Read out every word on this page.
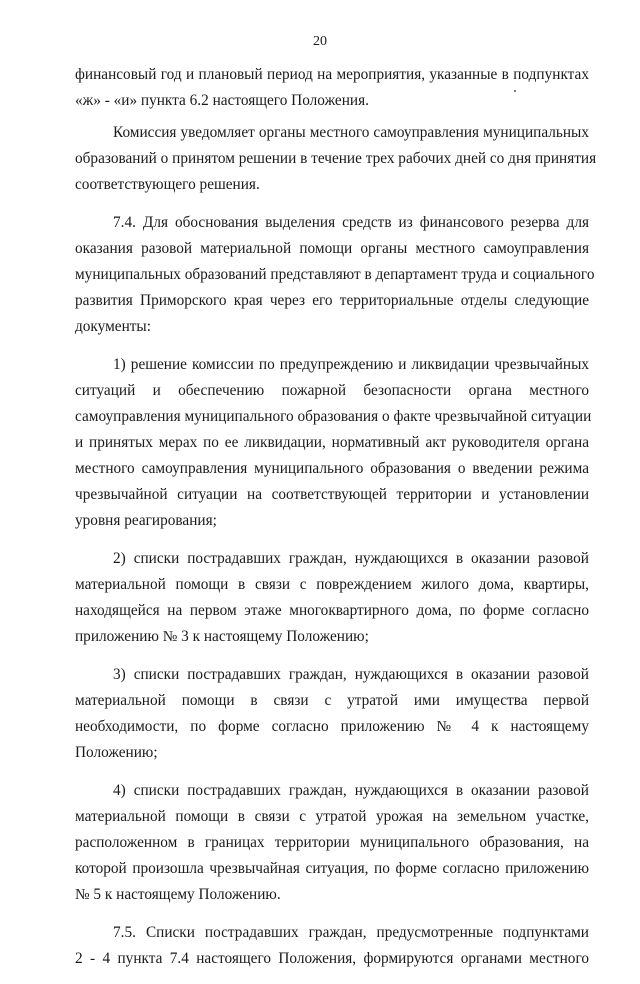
20

финансовый год и плановый период на мероприятия, указанные в подпунктах
«ж» - «и» пункта 6.2 настоящего Положения.

Комиссия уведомляет органы местного самоуправления муниципальных
образований о принятом решении в течение трех рабочих дней со дня принятия
соответствующего решения.

7.4. Для обоснования выделения средств из финансового резерва для
оказания разовой материальной помощи органы местного самоуправления
муниципальных образований представляют в департамент труда и социального
развития Приморского края через его территориальные отделы следующие
документы:

1) решение комиссии по предупреждению и ликвидации чрезвычайных
ситуаций и обеспечению пожарной безопасности органа местного
самоуправления муниципального образования о факте чрезвычайной ситуации
и принятых мерах по ее ликвидации, нормативный акт руководителя органа
местного самоуправления муниципального образования о введении режима
чрезвычайной ситуации на соответствующей территории и установлении
уровня реагирования;

2) списки пострадавших граждан, нуждающихся в оказании разовой
материальной помощи в связи с повреждением жилого дома, квартиры,
находящейся на первом этаже многоквартирного дома, по форме согласно
приложению № 3 к настоящему Положению;

3) списки пострадавших граждан, нуждающихся в оказании разовой
материальной помощи в связи с утратой ими имущества первой
необходимости, по форме согласно приложению № 4 к настоящему
Положению;

4) списки пострадавших граждан, нуждающихся в оказании разовой
материальной помощи в связи с утратой урожая на земельном участке,
расположенном в границах территории муниципального образования, на
которой произошла чрезвычайная ситуация, по форме согласно приложению
№ 5 к настоящему Положению.

7.5. Списки пострадавших граждан, предусмотренные подпунктами
2 - 4 пункта 7.4 настоящего Положения, формируются органами местного
